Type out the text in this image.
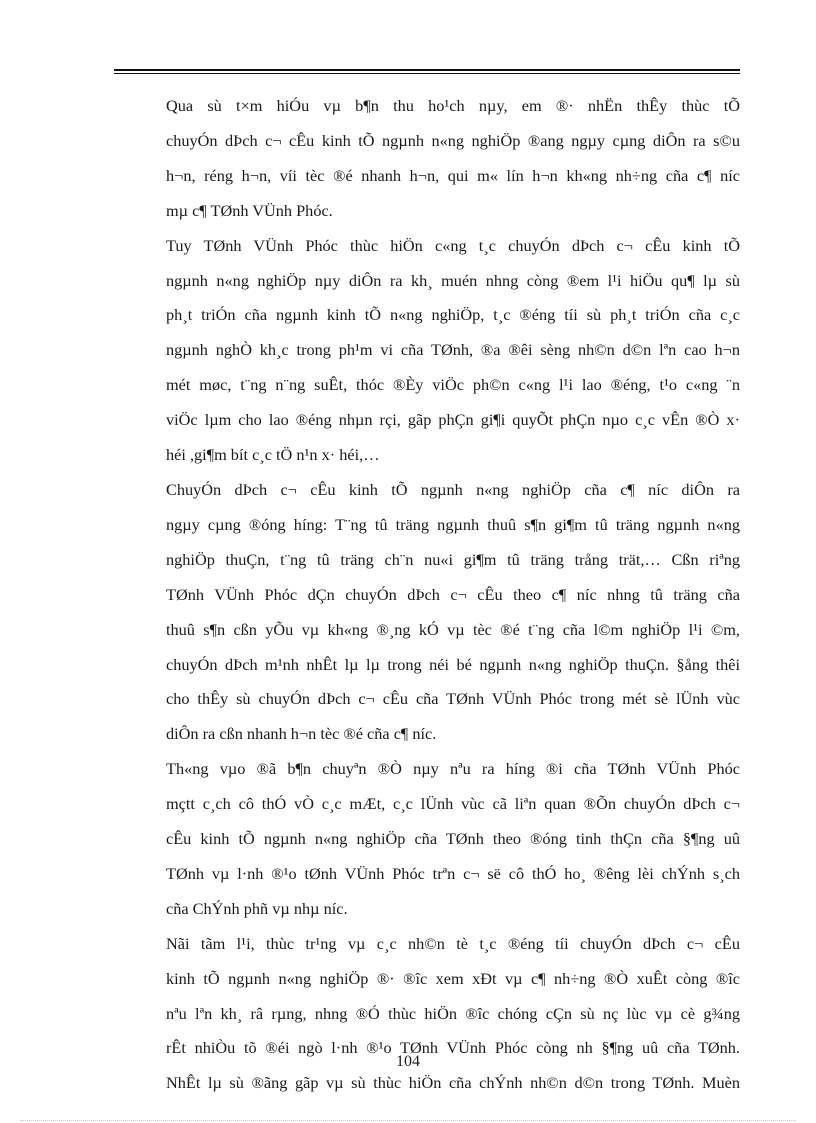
Qua sù t×m hiÓu vµ b¶n thu ho¹ch nµy, em ®· nhËn thÊy thùc tÕ
chuyÓn dÞch c¬ cÊu kinh tÕ ngµnh n«ng nghiÖp ®ang ngµy cµng diÔn ra s©u
h¬n, réng h¬n, víi tèc ®é nhanh h¬n, qui m« lín h¬n kh«ng nh÷ng cña c¶ níc
mµ c¶ TØnh VÜnh Phóc.
Tuy TØnh VÜnh Phóc thùc hiÖn c«ng t¸c chuyÓn dÞch c¬ cÊu kinh tÕ
ngµnh n«ng nghiÖp nµy diÔn ra kh¸ muén nhng còng ®em l¹i hiÖu qu¶ lµ sù
ph¸t triÓn cña ngµnh kinh tÕ n«ng nghiÖp, t¸c ®éng tíi sù ph¸t triÓn cña c¸c
ngµnh nghÒ kh¸c trong ph¹m vi cña TØnh, ®a ®êi sèng nh©n d©n lªn cao h¬n
mét møc, t¨ng n¨ng suÊt, thóc ®Èy viÖc ph©n c«ng l¹i lao ®éng, t¹o c«ng ¨n
viÖc lµm cho lao ®éng nhµn rçi, gãp phÇn gi¶i quyÕt phÇn nµo c¸c vÊn ®Ò x·
héi ,gi¶m bít c¸c tÖ n¹n x· héi,…
ChuyÓn dÞch c¬ cÊu kinh tÕ ngµnh n«ng nghiÖp cña c¶ níc diÔn ra
ngµy cµng ®óng híng: T¨ng tû träng ngµnh thuû s¶n gi¶m tû träng ngµnh n«ng
nghiÖp thuÇn, t¨ng tû träng ch¨n nu«i gi¶m tû träng trång trät,… Cßn riªng
TØnh VÜnh Phóc dÇn chuyÓn dÞch c¬ cÊu theo c¶ níc nhng tû träng cña
thuû s¶n cßn yÕu vµ kh«ng ®¸ng kÓ vµ tèc ®é t¨ng cña l©m nghiÖp l¹i ©m,
chuyÓn dÞch m¹nh nhÊt lµ lµ trong néi bé ngµnh n«ng nghiÖp thuÇn. §ång thêi
cho thÊy sù chuyÓn dÞch c¬ cÊu cña TØnh VÜnh Phóc trong mét sè lÜnh vùc
diÔn ra cßn nhanh h¬n tèc ®é cña c¶ níc.
Th«ng vµo ®ã b¶n chuyªn ®Ò nµy nªu ra híng ®i cña TØnh VÜnh Phóc
mçtt c¸ch cô thÓ vÒ c¸c mÆt, c¸c lÜnh vùc cã liªn quan ®Õn chuyÓn dÞch c¬
cÊu kinh tÕ ngµnh n«ng nghiÖp cña TØnh theo ®óng tinh thÇn cña §¶ng uû
TØnh vµ l·nh ®¹o tØnh VÜnh Phóc trªn c¬ së cô thÓ ho¸ ®êng lèi chÝnh s¸ch
cña ChÝnh phñ vµ nhµ níc.
Nãi tãm l¹i, thùc tr¹ng vµ c¸c nh©n tè t¸c ®éng tíi chuyÓn dÞch c¬ cÊu
kinh tÕ ngµnh n«ng nghiÖp ®· ®îc xem xÐt vµ c¶ nh÷ng ®Ò xuÊt còng ®îc
nªu lªn kh¸ râ rµng, nhng ®Ó thùc hiÖn ®îc chóng cÇn sù nç lùc vµ cè g¾ng
rÊt nhiÒu tõ ®éi ngò l·nh ®¹o TØnh VÜnh Phóc còng nh §¶ng uû cña TØnh.
NhÊt lµ sù ®ãng gãp vµ sù thùc hiÖn cña chÝnh nh©n d©n trong TØnh. Muèn
104
